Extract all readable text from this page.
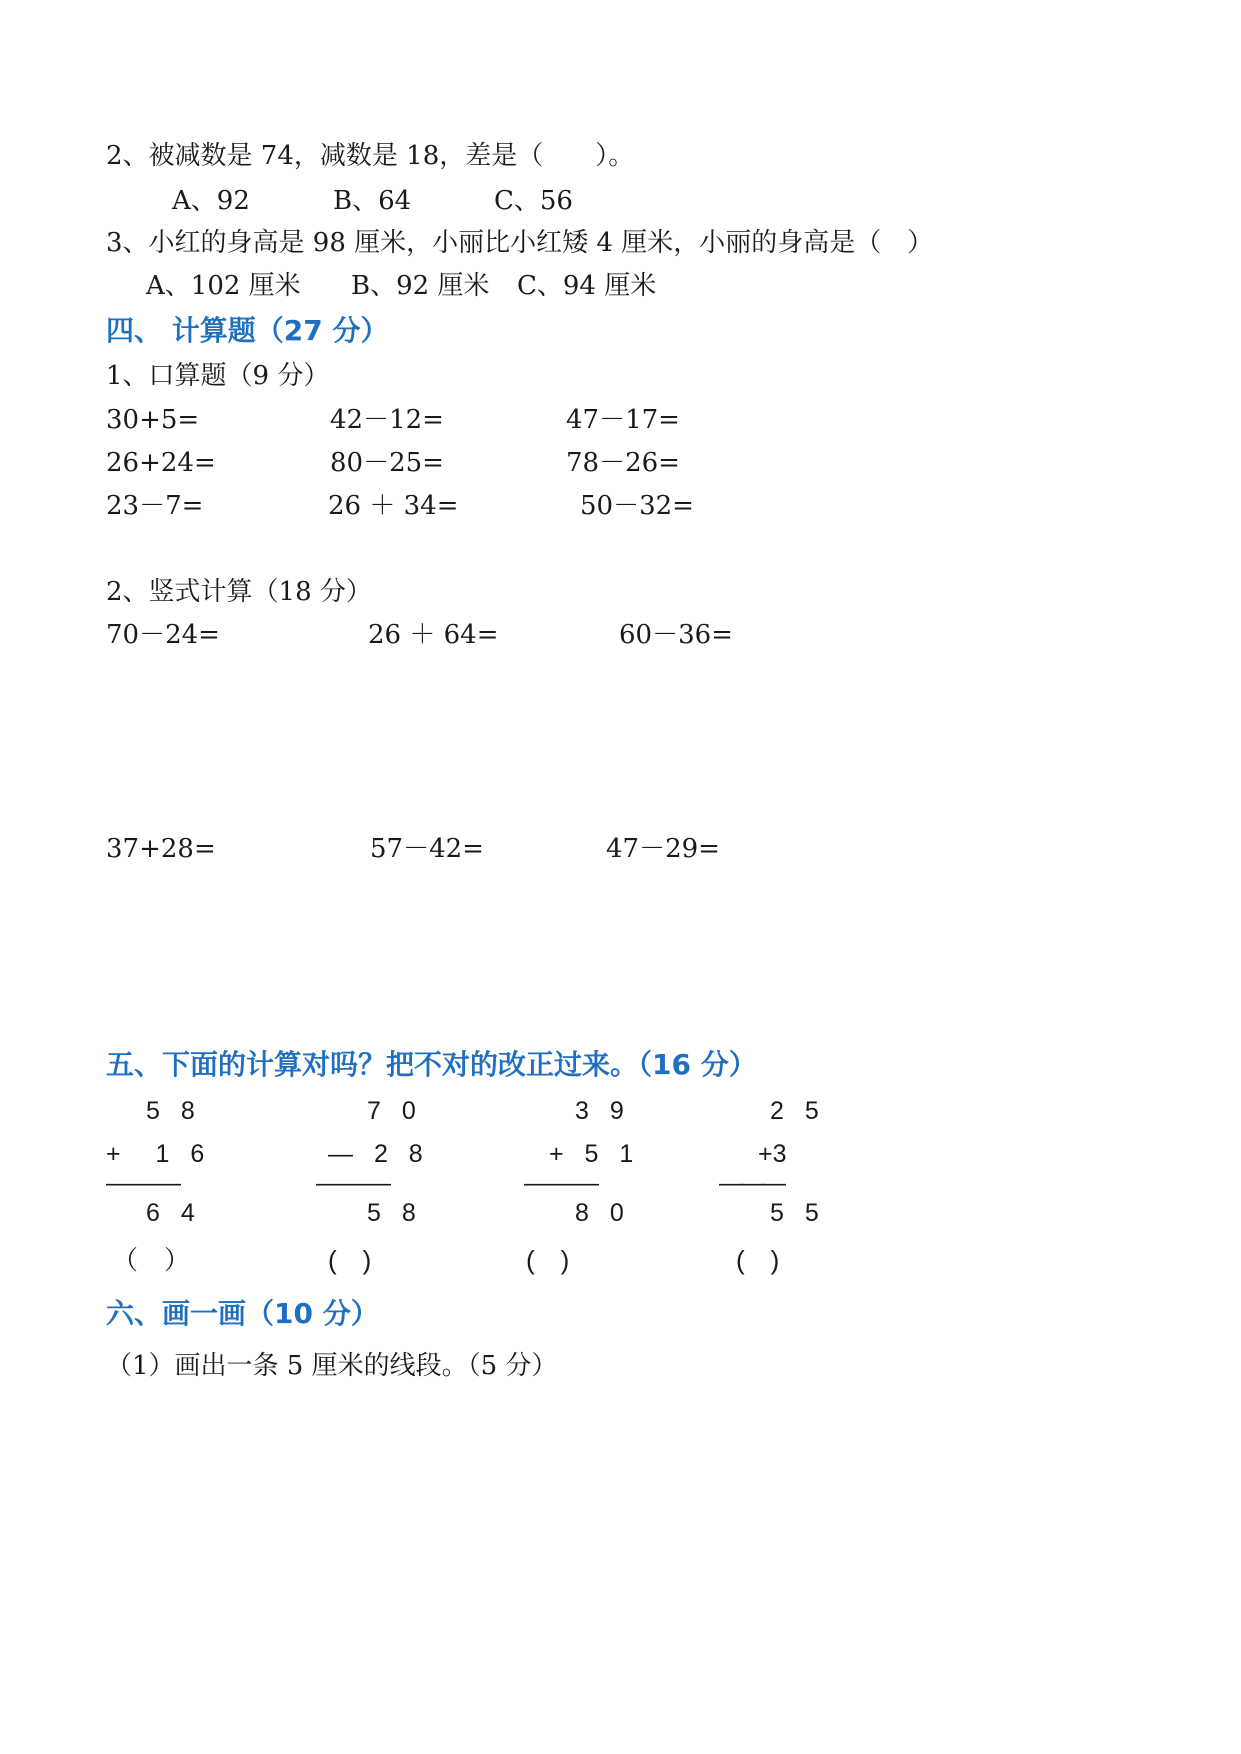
2、被减数是 74，减数是 18，差是（　　）。
A、92	B、64	C、56
3、小红的身高是 98 厘米，小丽比小红矮 4 厘米，小丽的身高是（　）
A、102 厘米 B、92 厘米 C、94 厘米
四、 计算题（27 分）
1、口算题（9 分）
30+5=	42－12=	47－17=
26+24=	80－25=	78－26=
23－7=	26 ＋ 34=	50－32=
2、竖式计算（18 分）
70－24=	26 ＋ 64=	60－36=
37+28=	57－42=	47－29=
五、下面的计算对吗？把不对的改正过来。（16 分）
5 8
+  1 6
———
6 4
（　）
7 0
— 2 8
———
5 8
(　)
3 9
+ 5 1
———
8 0
(　)
2 5
+3
———
5 5
(　)
六、画一画（10 分）
（1）画出一条 5 厘米的线段。（5 分）
